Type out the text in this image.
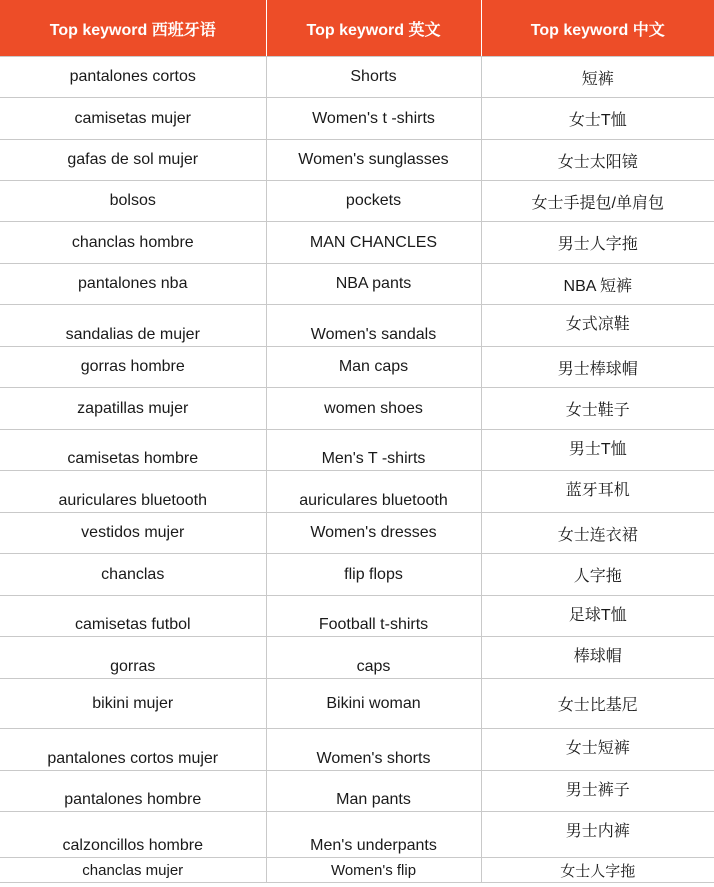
Top keyword 西班牙语	Top keyword 英文	Top keyword 中文
pantalones cortos	Shorts	短裤
camisetas mujer	Women's t -shirts	女士T恤
gafas de sol mujer	Women's sunglasses	女士太阳镜
bolsos	pockets	女士手提包/单肩包
chanclas hombre	MAN CHANCLES	男士人字拖
pantalones nba	NBA pants	NBA 短裤
sandalias de mujer	Women's sandals	女式凉鞋
gorras hombre	Man caps	男士棒球帽
zapatillas mujer	women shoes	女士鞋子
camisetas hombre	Men's T -shirts	男士T恤
auriculares bluetooth	auriculares bluetooth	蓝牙耳机
vestidos mujer	Women's dresses	女士连衣裙
chanclas	flip flops	人字拖
camisetas futbol	Football t-shirts	足球T恤
gorras	caps	棒球帽
bikini mujer	Bikini woman	女士比基尼
pantalones cortos mujer	Women's shorts	女士短裤
pantalones hombre	Man pants	男士裤子
calzoncillos hombre	Men's underpants	男士内裤
chanclas mujer	Women's flip	女士人字拖
